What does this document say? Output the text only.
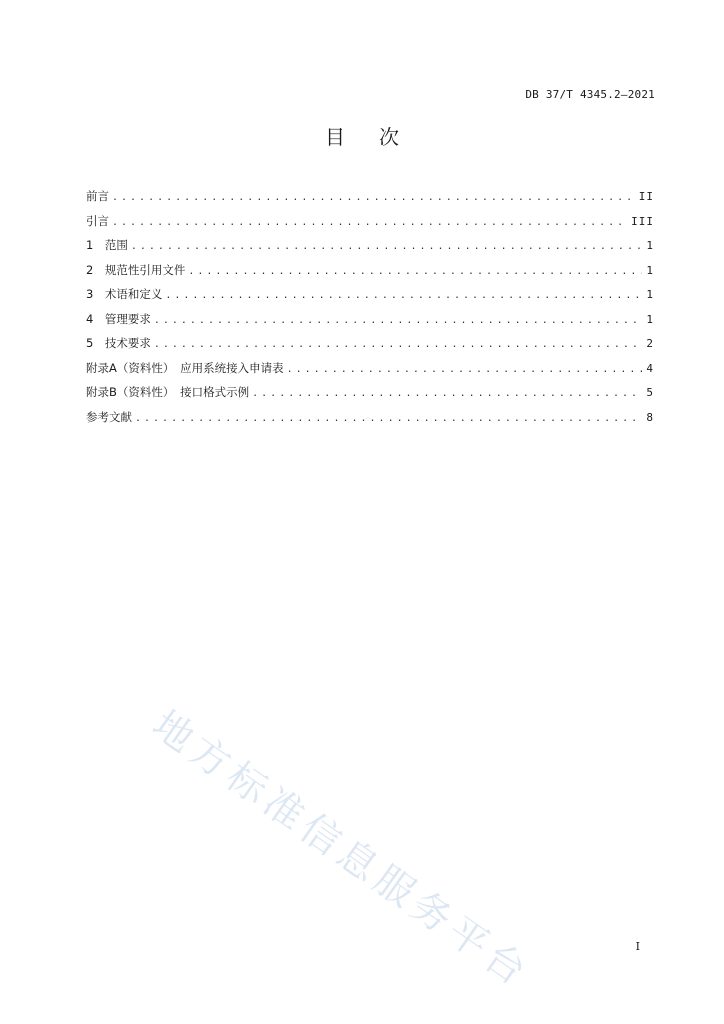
DB 37/T 4345.2—2021
目次
前言 .....	II
引言 .....	III
1　范围 .....	1
2　规范性引用文件 .....	1
3　术语和定义 .....	1
4　管理要求 .....	1
5　技术要求 .....	2
附录A（资料性）　应用系统接入申请表 .....	4
附录B（资料性）　接口格式示例 .....	5
参考文献 .....	8
地方标准信息服务平台	I
